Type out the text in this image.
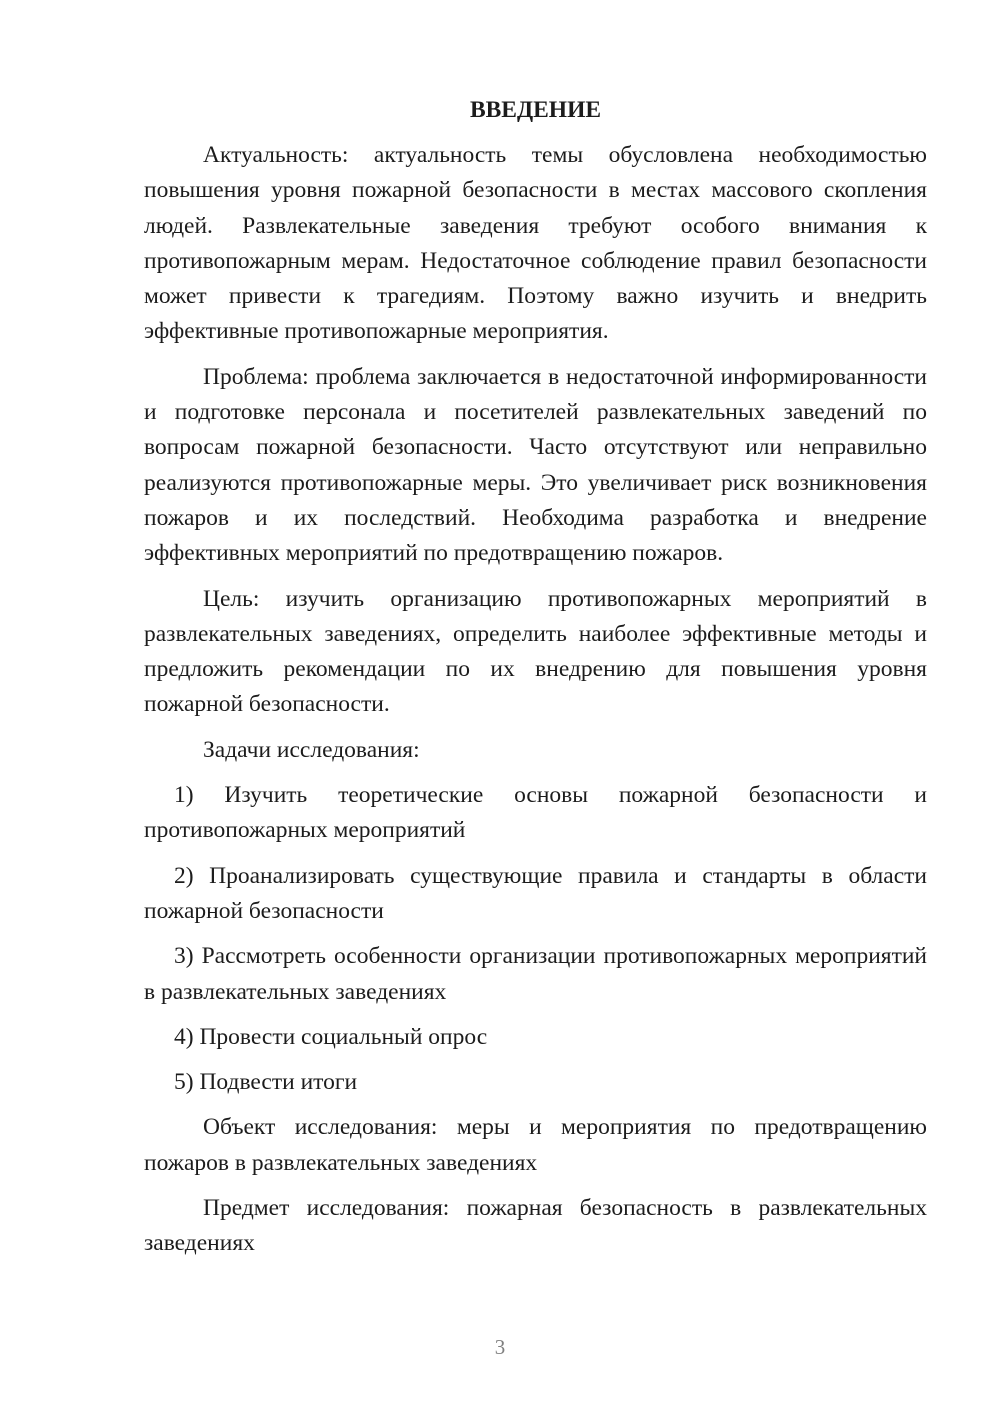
ВВЕДЕНИЕ

Актуальность: актуальность темы обусловлена необходимостью повышения уровня пожарной безопасности в местах массового скопления людей. Развлекательные заведения требуют особого внимания к противопожарным мерам. Недостаточное соблюдение правил безопасности может привести к трагедиям. Поэтому важно изучить и внедрить эффективные противопожарные мероприятия.

Проблема: проблема заключается в недостаточной информированности и подготовке персонала и посетителей развлекательных заведений по вопросам пожарной безопасности. Часто отсутствуют или неправильно реализуются противопожарные меры. Это увеличивает риск возникновения пожаров и их последствий. Необходима разработка и внедрение эффективных мероприятий по предотвращению пожаров.

Цель: изучить организацию противопожарных мероприятий в развлекательных заведениях, определить наиболее эффективные методы и предложить рекомендации по их внедрению для повышения уровня пожарной безопасности.

Задачи исследования:

1) Изучить теоретические основы пожарной безопасности и противопожарных мероприятий

2) Проанализировать существующие правила и стандарты в области пожарной безопасности

3) Рассмотреть особенности организации противопожарных мероприятий в развлекательных заведениях

4) Провести социальный опрос

5) Подвести итоги

Объект исследования: меры и мероприятия по предотвращению пожаров в развлекательных заведениях

Предмет исследования: пожарная безопасность в развлекательных заведениях

3
